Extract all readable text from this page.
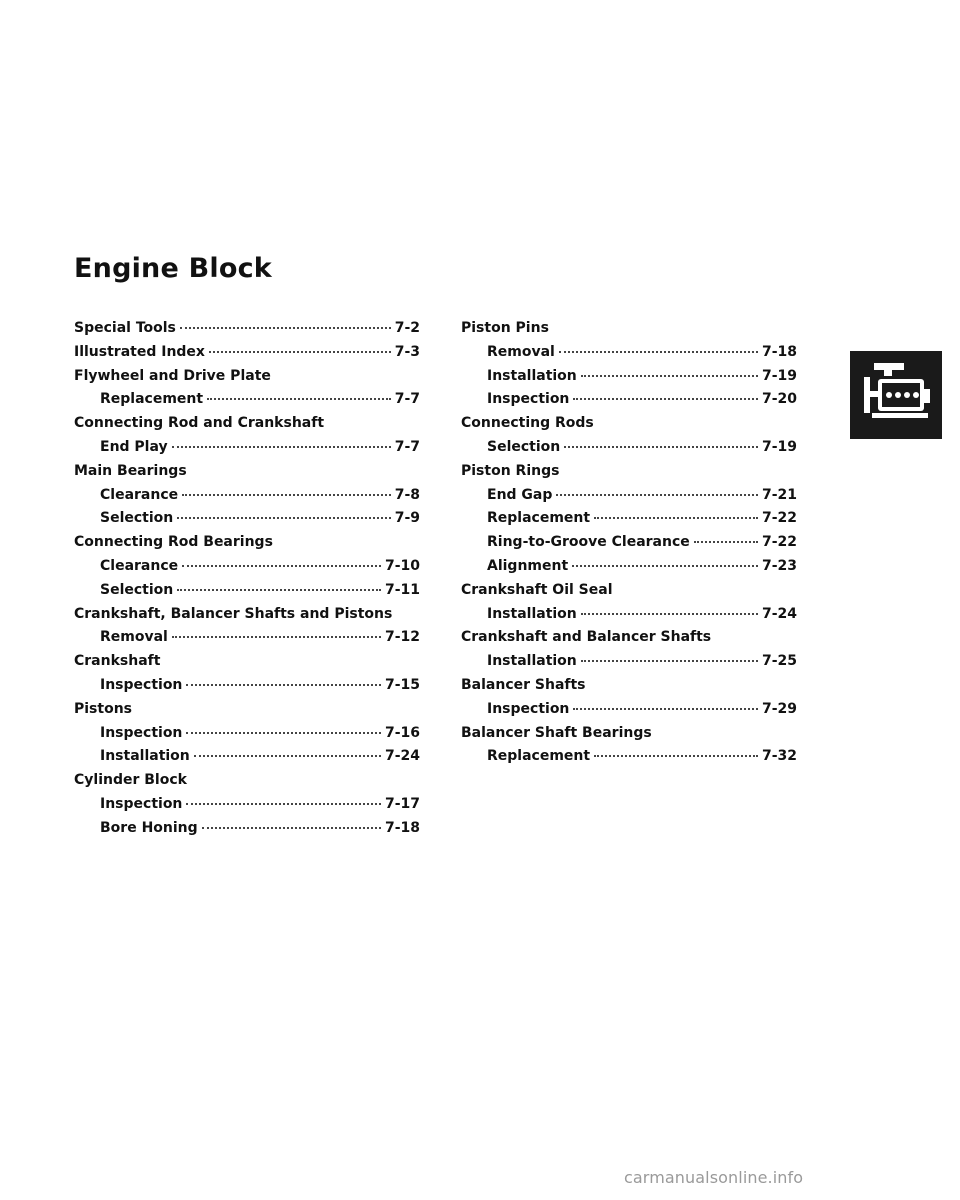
Engine Block
Special Tools	7-2
Illustrated Index	7-3
Flywheel and Drive Plate
Replacement	7-7
Connecting Rod and Crankshaft
End Play	7-7
Main Bearings
Clearance	7-8
Selection	7-9
Connecting Rod Bearings
Clearance	7-10
Selection	7-11
Crankshaft, Balancer Shafts and Pistons
Removal	7-12
Crankshaft
Inspection	7-15
Pistons
Inspection	7-16
Installation	7-24
Cylinder Block
Inspection	7-17
Bore Honing	7-18
Piston Pins
Removal	7-18
Installation	7-19
Inspection	7-20
Connecting Rods
Selection	7-19
Piston Rings
End Gap	7-21
Replacement	7-22
Ring-to-Groove Clearance	7-22
Alignment	7-23
Crankshaft Oil Seal
Installation	7-24
Crankshaft and Balancer Shafts
Installation	7-25
Balancer Shafts
Inspection	7-29
Balancer Shaft Bearings
Replacement	7-32
carmanualsonline.info
